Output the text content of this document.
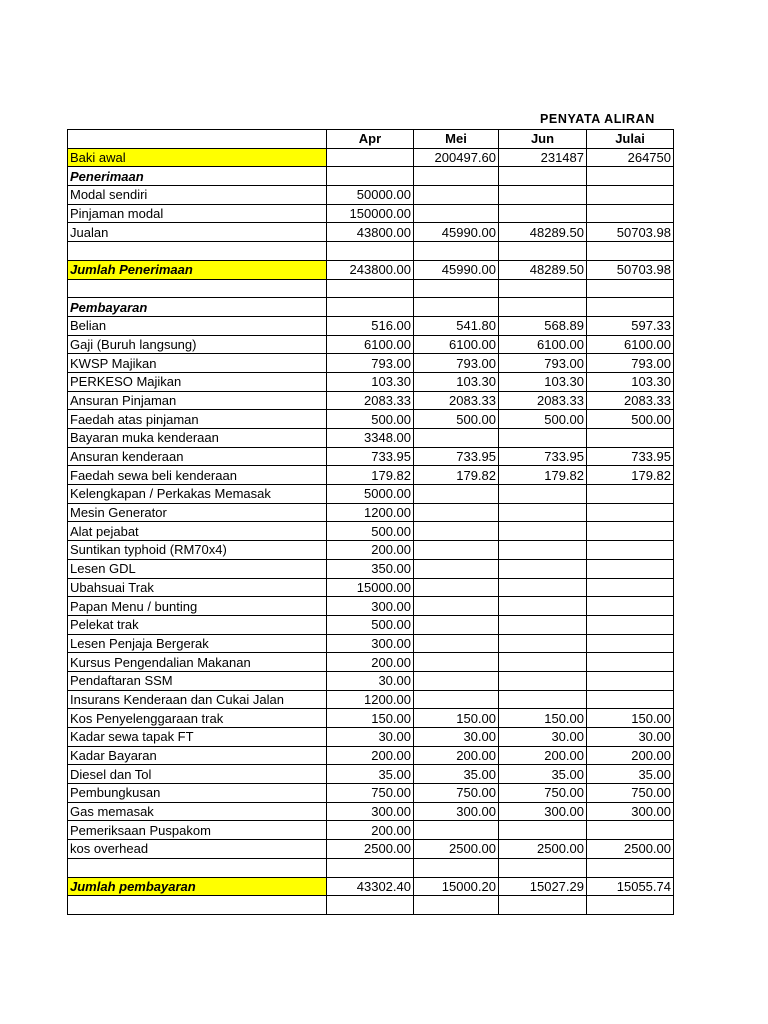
PENYATA ALIRAN
	Apr	Mei	Jun	Julai
Baki awal		200497.60	231487	264750
Penerimaan				
Modal sendiri	50000.00			
Pinjaman modal	150000.00			
Jualan	43800.00	45990.00	48289.50	50703.98

Jumlah Penerimaan	243800.00	45990.00	48289.50	50703.98

Pembayaran				
Belian	516.00	541.80	568.89	597.33
Gaji (Buruh langsung)	6100.00	6100.00	6100.00	6100.00
KWSP Majikan	793.00	793.00	793.00	793.00
PERKESO Majikan	103.30	103.30	103.30	103.30
Ansuran Pinjaman	2083.33	2083.33	2083.33	2083.33
Faedah atas pinjaman	500.00	500.00	500.00	500.00
Bayaran muka kenderaan	3348.00			
Ansuran kenderaan	733.95	733.95	733.95	733.95
Faedah sewa beli kenderaan	179.82	179.82	179.82	179.82
Kelengkapan / Perkakas Memasak	5000.00			
Mesin Generator	1200.00			
Alat pejabat	500.00			
Suntikan typhoid (RM70x4)	200.00			
Lesen GDL	350.00			
Ubahsuai Trak	15000.00			
Papan Menu / bunting	300.00			
Pelekat trak	500.00			
Lesen Penjaja Bergerak	300.00			
Kursus Pengendalian Makanan	200.00			
Pendaftaran SSM	30.00			
Insurans Kenderaan dan Cukai Jalan	1200.00			
Kos Penyelenggaraan trak	150.00	150.00	150.00	150.00
Kadar sewa tapak FT	30.00	30.00	30.00	30.00
Kadar Bayaran	200.00	200.00	200.00	200.00
Diesel dan Tol	35.00	35.00	35.00	35.00
Pembungkusan	750.00	750.00	750.00	750.00
Gas memasak	300.00	300.00	300.00	300.00
Pemeriksaan Puspakom	200.00			
kos overhead	2500.00	2500.00	2500.00	2500.00

Jumlah pembayaran	43302.40	15000.20	15027.29	15055.74
